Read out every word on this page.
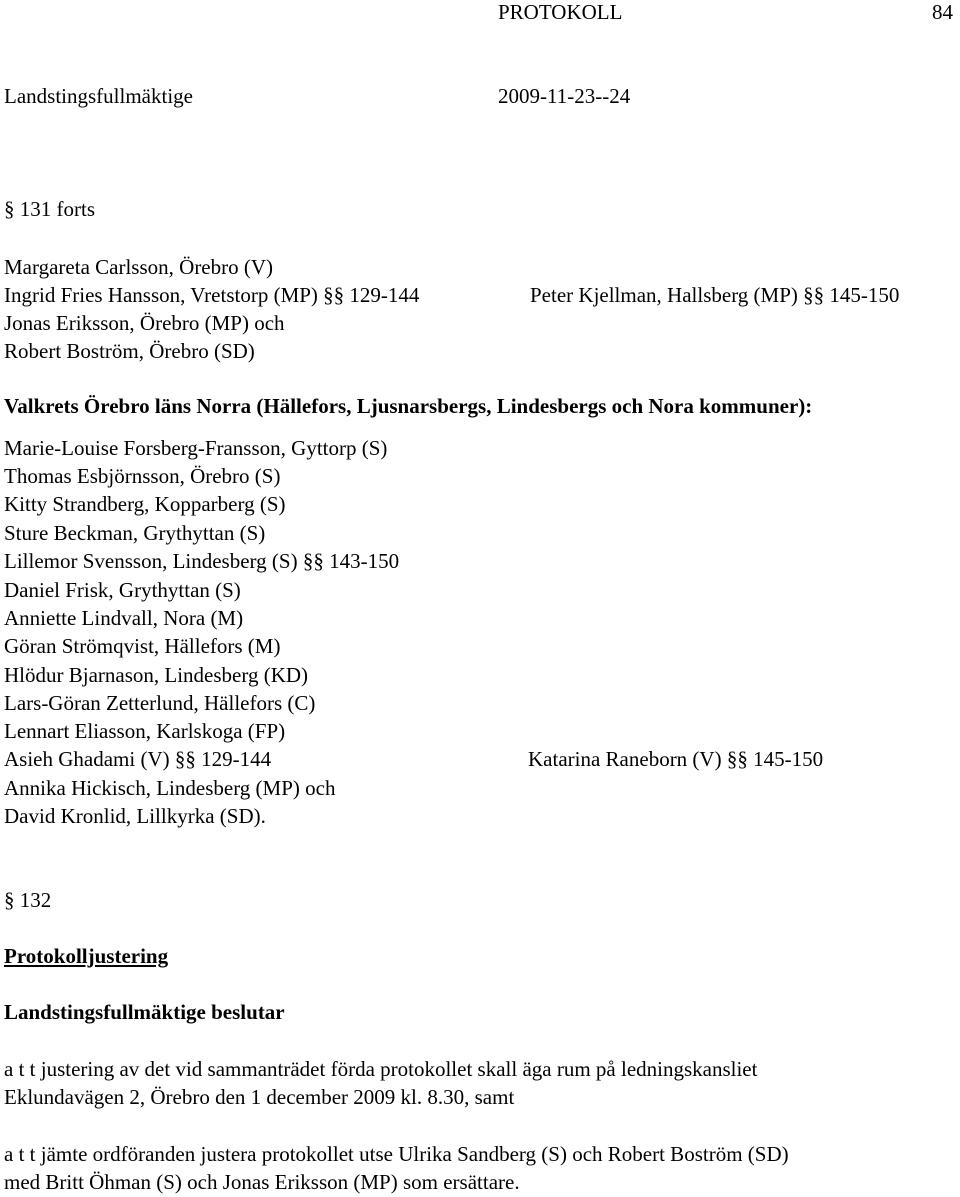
PROTOKOLL	84
Landstingsfullmäktige	2009-11-23--24
§ 131 forts
Margareta Carlsson, Örebro (V)
Ingrid Fries Hansson, Vretstorp (MP) §§ 129-144	Peter Kjellman, Hallsberg (MP) §§ 145-150
Jonas Eriksson, Örebro (MP) och
Robert Boström, Örebro (SD)
Valkrets Örebro läns Norra (Hällefors, Ljusnarsbergs, Lindesbergs och Nora kommuner):
Marie-Louise Forsberg-Fransson, Gyttorp (S)
Thomas Esbjörnsson, Örebro (S)
Kitty Strandberg, Kopparberg (S)
Sture Beckman, Grythyttan (S)
Lillemor Svensson, Lindesberg (S) §§ 143-150
Daniel Frisk, Grythyttan (S)
Anniette Lindvall, Nora (M)
Göran Strömqvist, Hällefors (M)
Hlödur Bjarnason, Lindesberg (KD)
Lars-Göran Zetterlund, Hällefors (C)
Lennart Eliasson, Karlskoga (FP)
Asieh Ghadami (V) §§ 129-144	Katarina Raneborn (V) §§ 145-150
Annika Hickisch, Lindesberg (MP) och
David Kronlid, Lillkyrka (SD).
§ 132
Protokolljustering
Landstingsfullmäktige beslutar
a t t justering av det vid sammanträdet förda protokollet skall äga rum på ledningskansliet
Eklundavägen 2, Örebro den 1 december 2009 kl. 8.30, samt
a t t jämte ordföranden justera protokollet utse Ulrika Sandberg (S) och Robert Boström (SD)
med Britt Öhman (S) och Jonas Eriksson (MP) som ersättare.
